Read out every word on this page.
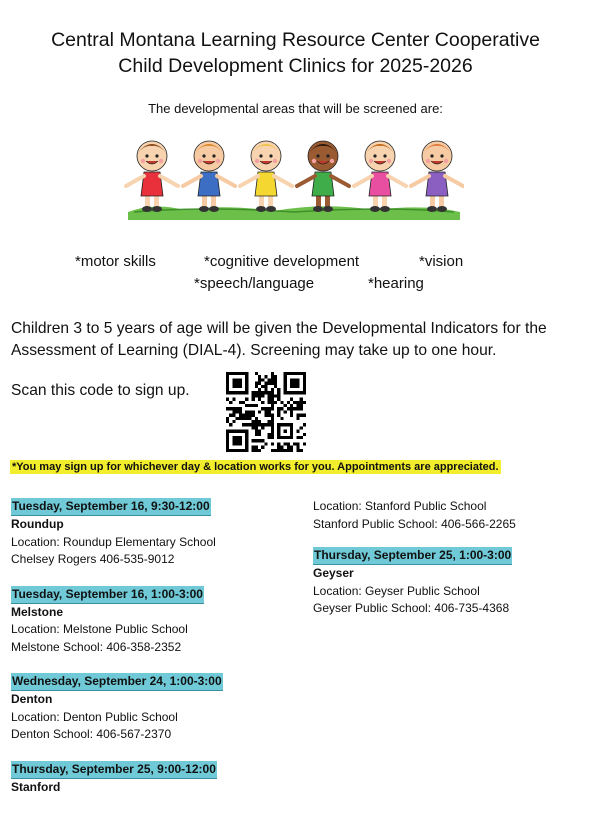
Central Montana Learning Resource Center Cooperative
Child Development Clinics for 2025-2026
The developmental areas that will be screened are:
*motor skills	*cognitive development	*vision
*speech/language	*hearing
Children 3 to 5 years of age will be given the Developmental Indicators for the Assessment of Learning (DIAL-4). Screening may take up to one hour.
Scan this code to sign up.
*You may sign up for whichever day & location works for you. Appointments are appreciated.
Tuesday, September 16, 9:30-12:00
Roundup
Location: Roundup Elementary School
Chelsey Rogers 406-535-9012
Tuesday, September 16, 1:00-3:00
Melstone
Location: Melstone Public School
Melstone School: 406-358-2352
Wednesday, September 24, 1:00-3:00
Denton
Location: Denton Public School
Denton School: 406-567-2370
Thursday, September 25, 9:00-12:00
Stanford
Location: Stanford Public School
Stanford Public School: 406-566-2265
Thursday, September 25, 1:00-3:00
Geyser
Location: Geyser Public School
Geyser Public School: 406-735-4368
